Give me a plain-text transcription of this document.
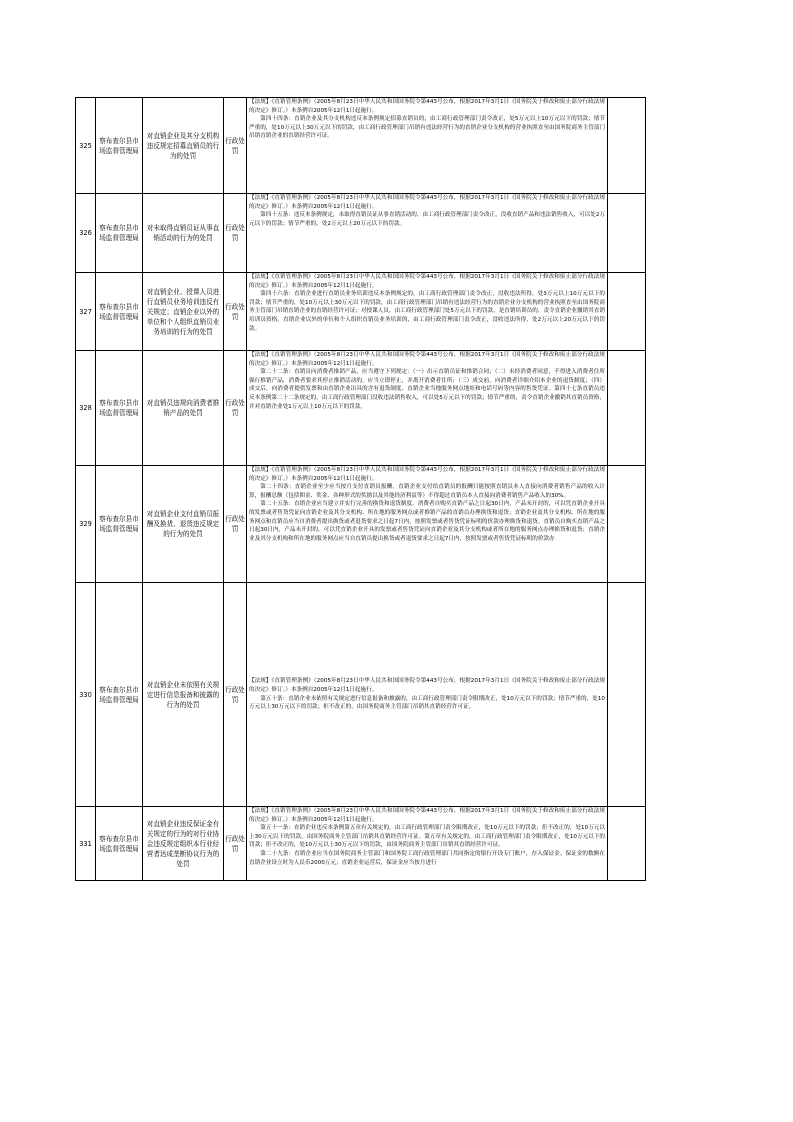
325	察布查尔县市场监督管理局	对直销企业及其分支机构违反规定招募直销员的行为的处罚	行政处罚	【法规】《直销管理条例》（2005年8月23日中华人民共和国国务院令第443号公布，根据2017年3月1日《国务院关于修改和废止部分行政法规的决定》修订。）本条例自2005年12月1日起施行。

第四十四条：直销企业及其分支机构违反本条例规定招募直销员的，由工商行政管理部门责令改正，处5万元以上10万元以下的罚款；情节严重的，处10万元以上30万元以下的罚款，由工商行政管理部门吊销有违法经营行为的直销企业分支机构的营业执照直至由国务院商务主管部门吊销直销企业的直销经营许可证。	

326	察布查尔县市场监督管理局	对未取得直销员证从事直销活动的行为的处罚	行政处罚	【法规】《直销管理条例》（2005年8月23日中华人民共和国国务院令第443号公布，根据2017年3月1日《国务院关于修改和废止部分行政法规的决定》修订。）本条例自2005年12月1日起施行。

第四十五条：违反本条例规定，未取得直销员证从事直销活动的，由工商行政管理部门责令改正，没收直销产品和违法销售收入，可以处2万元以下的罚款；情节严重的，处2万元以上20万元以下的罚款。	

327	察布查尔县市场监督管理局	对直销企业、授课人员进行直销员业务培训违反有关规定；直销企业以外的单位和个人组织直销员业务培训的行为的处罚	行政处罚	【法规】《直销管理条例》（2005年8月23日中华人民共和国国务院令第443号公布，根据2017年3月1日《国务院关于修改和废止部分行政法规的决定》修订。）本条例自2005年12月1日起施行。

第四十六条：直销企业进行直销员业务培训违反本条例规定的，由工商行政管理部门责令改正，没收违法所得，处3万元以上10万元以下的罚款；情节严重的，处10万元以上30万元以下的罚款，由工商行政管理部门吊销有违法经营行为的直销企业分支机构的营业执照直至由国务院商务主管部门吊销直销企业的直销经营许可证；对授课人员，由工商行政管理部门处5万元以下的罚款，是直销培训员的，责令直销企业撤销其直销培训员资格。直销企业以外的单位和个人组织直销员业务培训的，由工商行政管理部门责令改正，没收违法所得，处2万元以上20万元以下的罚款。	

328	察布查尔县市场监督管理局	对直销员违规向消费者推销产品的处罚	行政处罚	【法规】《直销管理条例》（2005年8月23日中华人民共和国国务院令第443号公布，根据2017年3月1日《国务院关于修改和废止部分行政法规的决定》修订。）本条例自2005年12月1日起施行。

第二十二条：直销员向消费者推销产品，应当遵守下列规定：（一）出示直销员证和推销合同；（二）未经消费者同意，不得进入消费者住所强行推销产品，消费者要求其停止推销活动的，应当立即停止，并离开消费者住所；（三）成交前，向消费者详细介绍本企业的退货制度；（四）成交后，向消费者提供发票和由直销企业出具的含有退货制度、直销企业当地服务网点地址和电话号码等内容的售货凭证。第四十七条直销员违反本条例第二十二条规定的，由工商行政管理部门没收违法销售收入，可以处5万元以下的罚款；情节严重的，责令直销企业撤销其直销员资格，并对直销企业处1万元以上10万元以下的罚款。	

329	察布查尔县市场监督管理局	对直销企业支付直销员报酬及换货、退货违反规定的行为的处罚	行政处罚	【法规】《直销管理条例》（2005年8月23日中华人民共和国国务院令第443号公布，根据2017年3月1日《国务院关于修改和废止部分行政法规的决定》修订。）本条例自2005年12月1日起施行。

第二十四条：直销企业至少应当按月支付直销员报酬。直销企业支付给直销员的报酬只能按照直销员本人直接向消费者销售产品的收入计算，报酬总额（包括佣金、奖金、各种形式的奖励以及其他经济利益等）不得超过直销员本人直接向消费者销售产品收入的30%。

第二十五条：直销企业应当建立并实行完善的换货和退货制度。消费者自购买直销产品之日起30日内，产品未开封的，可以凭直销企业开具的发票或者售货凭证向直销企业及其分支机构、所在地的服务网点或者推销产品的直销员办理换货和退货；直销企业及其分支机构、所在地的服务网点和直销员应当自消费者提出换货或者退货要求之日起7日内，按照发票或者售货凭证标明的价款办理换货和退货。直销员自购买直销产品之日起30日内，产品未开封的，可以凭直销企业开具的发票或者售货凭证向直销企业及其分支机构或者所在地的服务网点办理换货和退货；直销企业及其分支机构和所在地的服务网点应当自直销员提出换货或者退货要求之日起7日内，按照发票或者售货凭证标明的价款办	

330	察布查尔县市场监督管理局	对直销企业未依照有关规定进行信息报备和披露的行为的处罚	行政处罚	【法规】《直销管理条例》（2005年8月23日中华人民共和国国务院令第443号公布，根据2017年3月1日《国务院关于修改和废止部分行政法规的决定》修订。）本条例自2005年12月1日起施行。

第五十条：直销企业未依照有关规定进行信息报备和披露的，由工商行政管理部门责令限期改正，处10万元以下的罚款；情节严重的，处10万元以上30万元以下的罚款；拒不改正的，由国务院商务主管部门吊销其直销经营许可证。	

331	察布查尔县市场监督管理局	对直销企业违反保证金有关规定的行为的对行业协会违反规定组织本行业经营者达成垄断协议行为的处罚	行政处罚	【法规】《直销管理条例》（2005年8月23日中华人民共和国国务院令第443号公布，根据2017年3月1日《国务院关于修改和废止部分行政法规的决定》修订。）本条例自2005年12月1日起施行。

第五十一条：直销企业违反本条例第五章有关规定的，由工商行政管理部门责令限期改正，处10万元以下的罚款；拒不改正的，处10万元以上30万元以下的罚款，由国务院商务主管部门吊销其直销经营许可证。第五章有关规定的，由工商行政管理部门责令限期改正，处10万元以下的罚款；拒不改正的，处10万元以上30万元以下的罚款，由国务院商务主管部门吊销其直销经营许可证。

第二十九条：直销企业应当在国务院商务主管部门和国务院工商行政管理部门共同指定的银行开设专门账户，存入保证金。保证金的数额在直销企业设立时为人民币2000万元；直销企业运营后，保证金应当按月进行	
